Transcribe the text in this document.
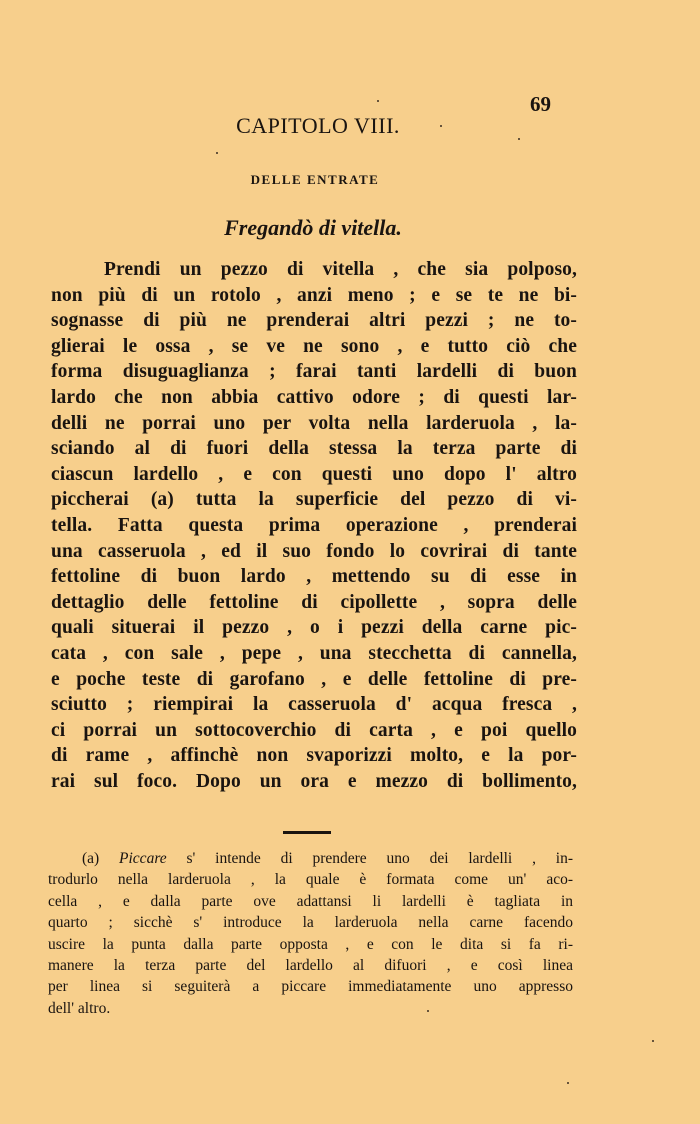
69
CAPITOLO VIII.
DELLE ENTRATE
Fregandò di vitella.
Prendi un pezzo di vitella , che sia polposo,
non più di un rotolo , anzi meno ; e se te ne bi-
sognasse di più ne prenderai altri pezzi ; ne to-
glierai le ossa , se ve ne sono , e tutto ciò che
forma disuguaglianza ; farai tanti lardelli di buon
lardo che non abbia cattivo odore ; di questi lar-
delli ne porrai uno per volta nella larderuola , la-
sciando al di fuori della stessa la terza parte di
ciascun lardello , e con questi uno dopo l' altro
piccherai (a) tutta la superficie del pezzo di vi-
tella. Fatta questa prima operazione , prenderai
una casseruola , ed il suo fondo lo covrirai di tante
fettoline di buon lardo , mettendo su di esse in
dettaglio delle fettoline di cipollette , sopra delle
quali situerai il pezzo , o i pezzi della carne pic-
cata , con sale , pepe , una stecchetta di cannella,
e poche teste di garofano , e delle fettoline di pre-
sciutto ; riempirai la casseruola d' acqua fresca ,
ci porrai un sottocoverchio di carta , e poi quello
di rame , affinchè non svaporizzi molto, e la por-
rai sul foco. Dopo un ora e mezzo di bollimento,
(a) Piccare s' intende di prendere uno dei lardelli , in-
trodurlo nella larderuola , la quale è formata come un' aco-
cella , e dalla parte ove adattansi li lardelli è tagliata in
quarto ; sicchè s' introduce la larderuola nella carne facendo
uscire la punta dalla parte opposta , e con le dita si fa ri-
manere la terza parte del lardello al difuori , e così linea
per linea si seguiterà a piccare immediatamente uno appresso
dell' altro.
